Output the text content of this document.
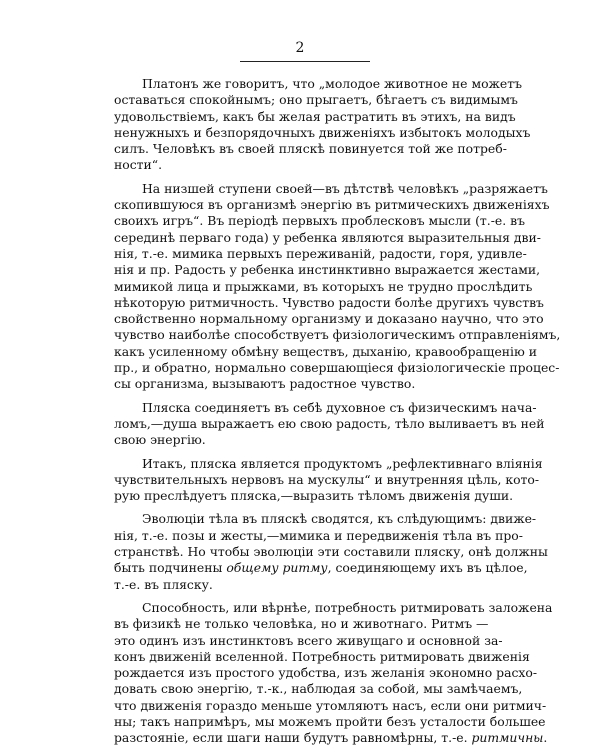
2
Платонъ же говоритъ, что „молодое животное не можетъ
оставаться спокойнымъ; оно прыгаетъ, бѣгаетъ съ видимымъ
удовольствіемъ, какъ бы желая растратить въ этихъ, на видъ
ненужныхъ и безпорядочныхъ движеніяхъ избытокъ молодыхъ
силъ. Человѣкъ въ своей пляскѣ повинуется той же потреб-
ности“.
На низшей ступени своей—въ дѣтствѣ человѣкъ „разряжаетъ
скопившуюся въ организмѣ энергію въ ритмическихъ движеніяхъ
своихъ игръ“. Въ періодѣ первыхъ проблесковъ мысли (т.-е. въ
серединѣ перваго года) у ребенка являются выразительныя дви-
нія, т.-е. мимика первыхъ переживаній, радости, горя, удивле-
нія и пр. Радость у ребенка инстинктивно выражается жестами,
мимикой лица и прыжками, въ которыхъ не трудно прослѣдить
нѣкоторую ритмичность. Чувство радости болѣе другихъ чувствъ
свойственно нормальному организму и доказано научно, что это
чувство наиболѣе способствуетъ физіологическимъ отправленіямъ,
какъ усиленному обмѣну веществъ, дыханію, кравообращенію и
пр., и обратно, нормально совершающіеся физіологическіе процес-
сы организма, вызываютъ радостное чувство.
Пляска соединяетъ въ себѣ духовное съ физическимъ нача-
ломъ,—душа выражаетъ ею свою радость, тѣло выливаетъ въ ней
свою энергію.
Итакъ, пляска является продуктомъ „рефлективнаго вліянія
чувствительныхъ нервовъ на мускулы“ и внутренняя цѣль, кото-
рую преслѣдуетъ пляска,—выразить тѣломъ движенія души.
Эволюціи тѣла въ пляскѣ сводятся, къ слѣдующимъ: движе-
нія, т.-е. позы и жесты,—мимика и передвиженія тѣла въ про-
странствѣ. Но чтобы эволюціи эти составили пляску, онѣ должны
быть подчинены общему ритму, соединяющему ихъ въ цѣлое,
т.-е. въ пляску.
Способность, или вѣрнѣе, потребность ритмировать заложена
въ физикѣ не только человѣка, но и животнаго. Ритмъ —
это одинъ изъ инстинктовъ всего живущаго и основной за-
конъ движеній вселенной. Потребность ритмировать движенія
рождается изъ простого удобства, изъ желанія экономно расхо-
довать свою энергію, т.-к., наблюдая за собой, мы замѣчаемъ,
что движенія гораздо меньше утомляютъ насъ, если они ритмич-
ны; такъ напримѣръ, мы можемъ пройти безъ усталости большее
разстояніе, если шаги наши будутъ равномѣрны, т.-е. ритмичны.
